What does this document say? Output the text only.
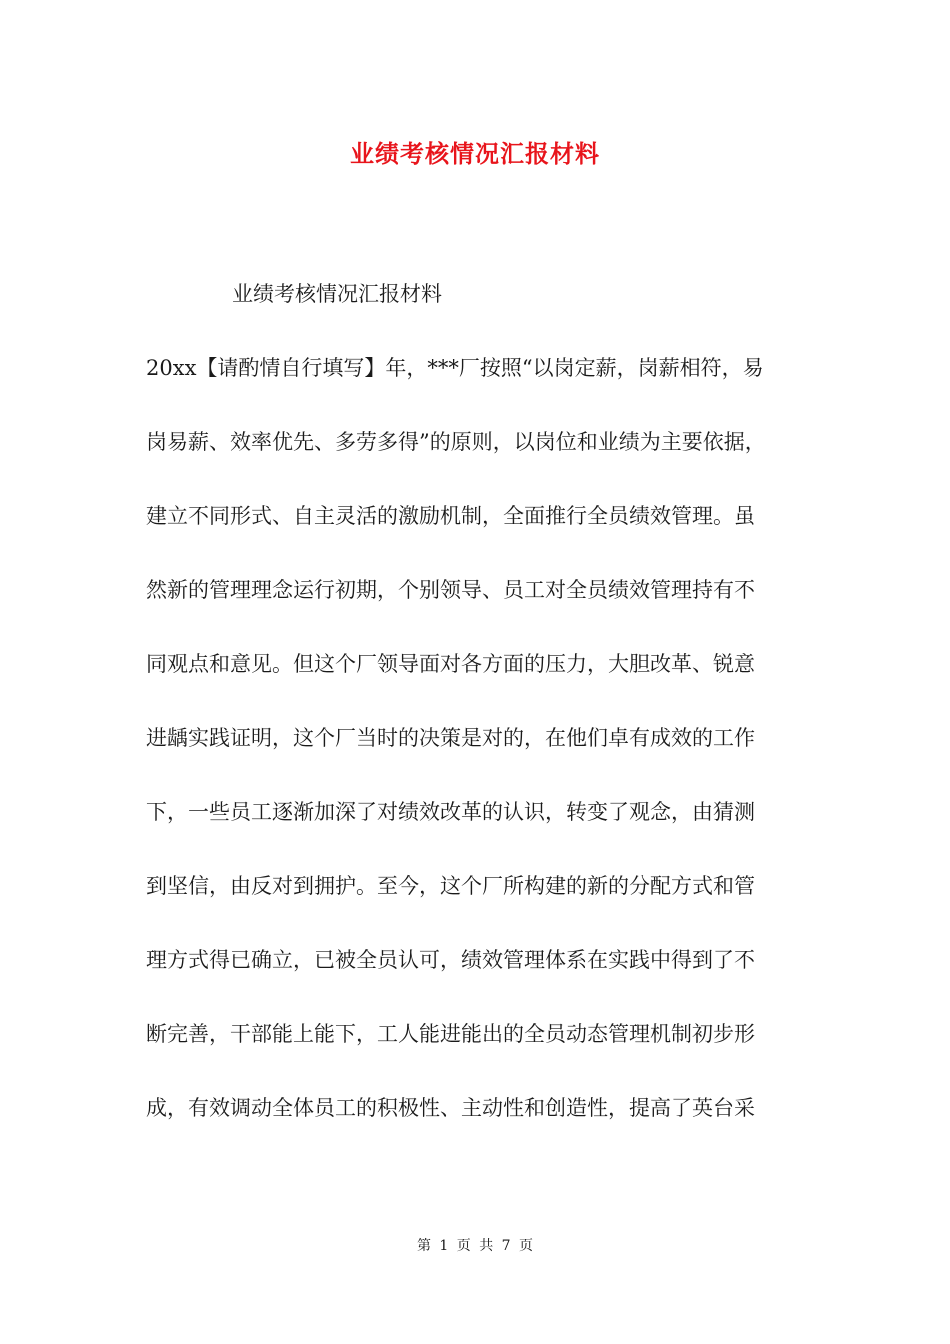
业绩考核情况汇报材料
业绩考核情况汇报材料
20xx【请酌情自行填写】年，***厂按照“以岗定薪，岗薪相符，易
岗易薪、效率优先、多劳多得”的原则，以岗位和业绩为主要依据，
建立不同形式、自主灵活的激励机制，全面推行全员绩效管理。虽
然新的管理理念运行初期，个别领导、员工对全员绩效管理持有不
同观点和意见。但这个厂领导面对各方面的压力，大胆改革、锐意
进龋实践证明，这个厂当时的决策是对的，在他们卓有成效的工作
下，一些员工逐渐加深了对绩效改革的认识，转变了观念，由猜测
到坚信，由反对到拥护。至今，这个厂所构建的新的分配方式和管
理方式得已确立，已被全员认可，绩效管理体系在实践中得到了不
断完善，干部能上能下，工人能进能出的全员动态管理机制初步形
成，有效调动全体员工的积极性、主动性和创造性，提高了英台采
第 1 页 共 7 页
